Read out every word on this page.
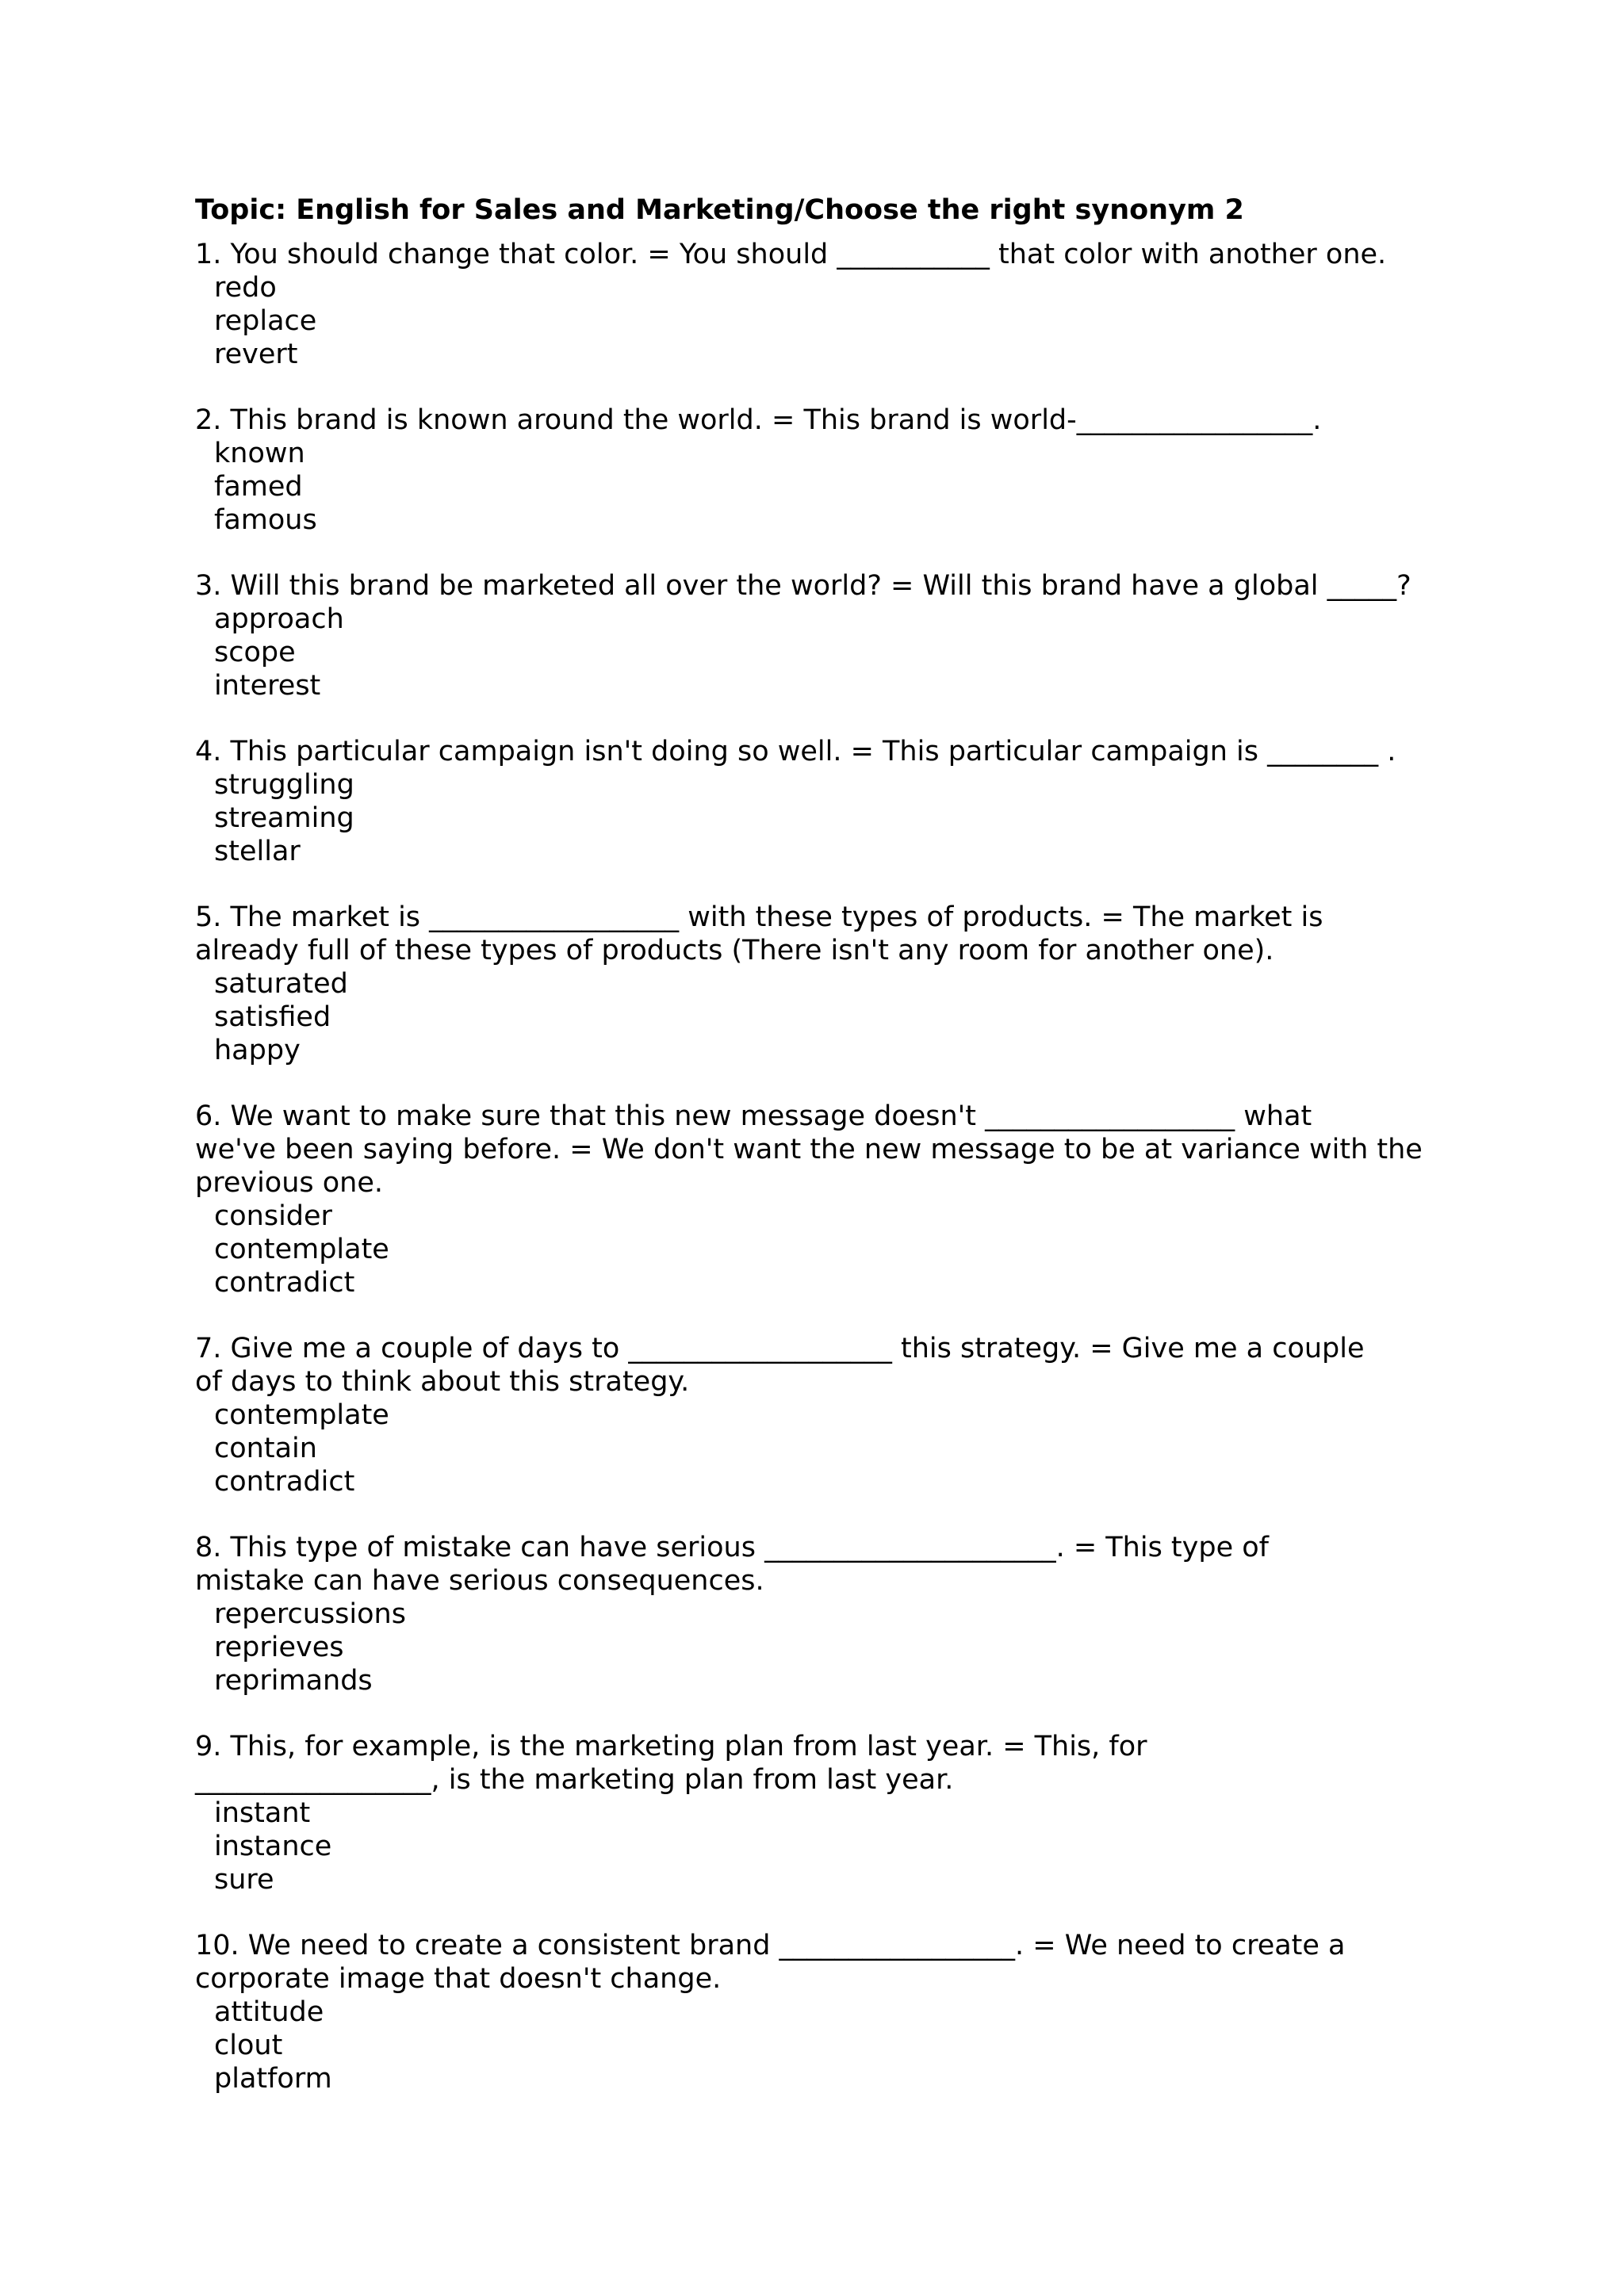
Topic: English for Sales and Marketing/Choose the right synonym 2
1. You should change that color. = You should ___________ that color with another one.
redo
replace
revert
2. This brand is known around the world. = This brand is world-_________________.
known
famed
famous
3. Will this brand be marketed all over the world? = Will this brand have a global _____?
approach
scope
interest
4. This particular campaign isn't doing so well. = This particular campaign is ________ .
struggling
streaming
stellar
5. The market is __________________ with these types of products. = The market is
already full of these types of products (There isn't any room for another one).
saturated
satisfied
happy
6. We want to make sure that this new message doesn't __________________ what
we've been saying before. = We don't want the new message to be at variance with the
previous one.
consider
contemplate
contradict
7. Give me a couple of days to ___________________ this strategy. = Give me a couple
of days to think about this strategy.
contemplate
contain
contradict
8. This type of mistake can have serious _____________________. = This type of
mistake can have serious consequences.
repercussions
reprieves
reprimands
9. This, for example, is the marketing plan from last year. = This, for
_________________, is the marketing plan from last year.
instant
instance
sure
10. We need to create a consistent brand _________________. = We need to create a
corporate image that doesn't change.
attitude
clout
platform
